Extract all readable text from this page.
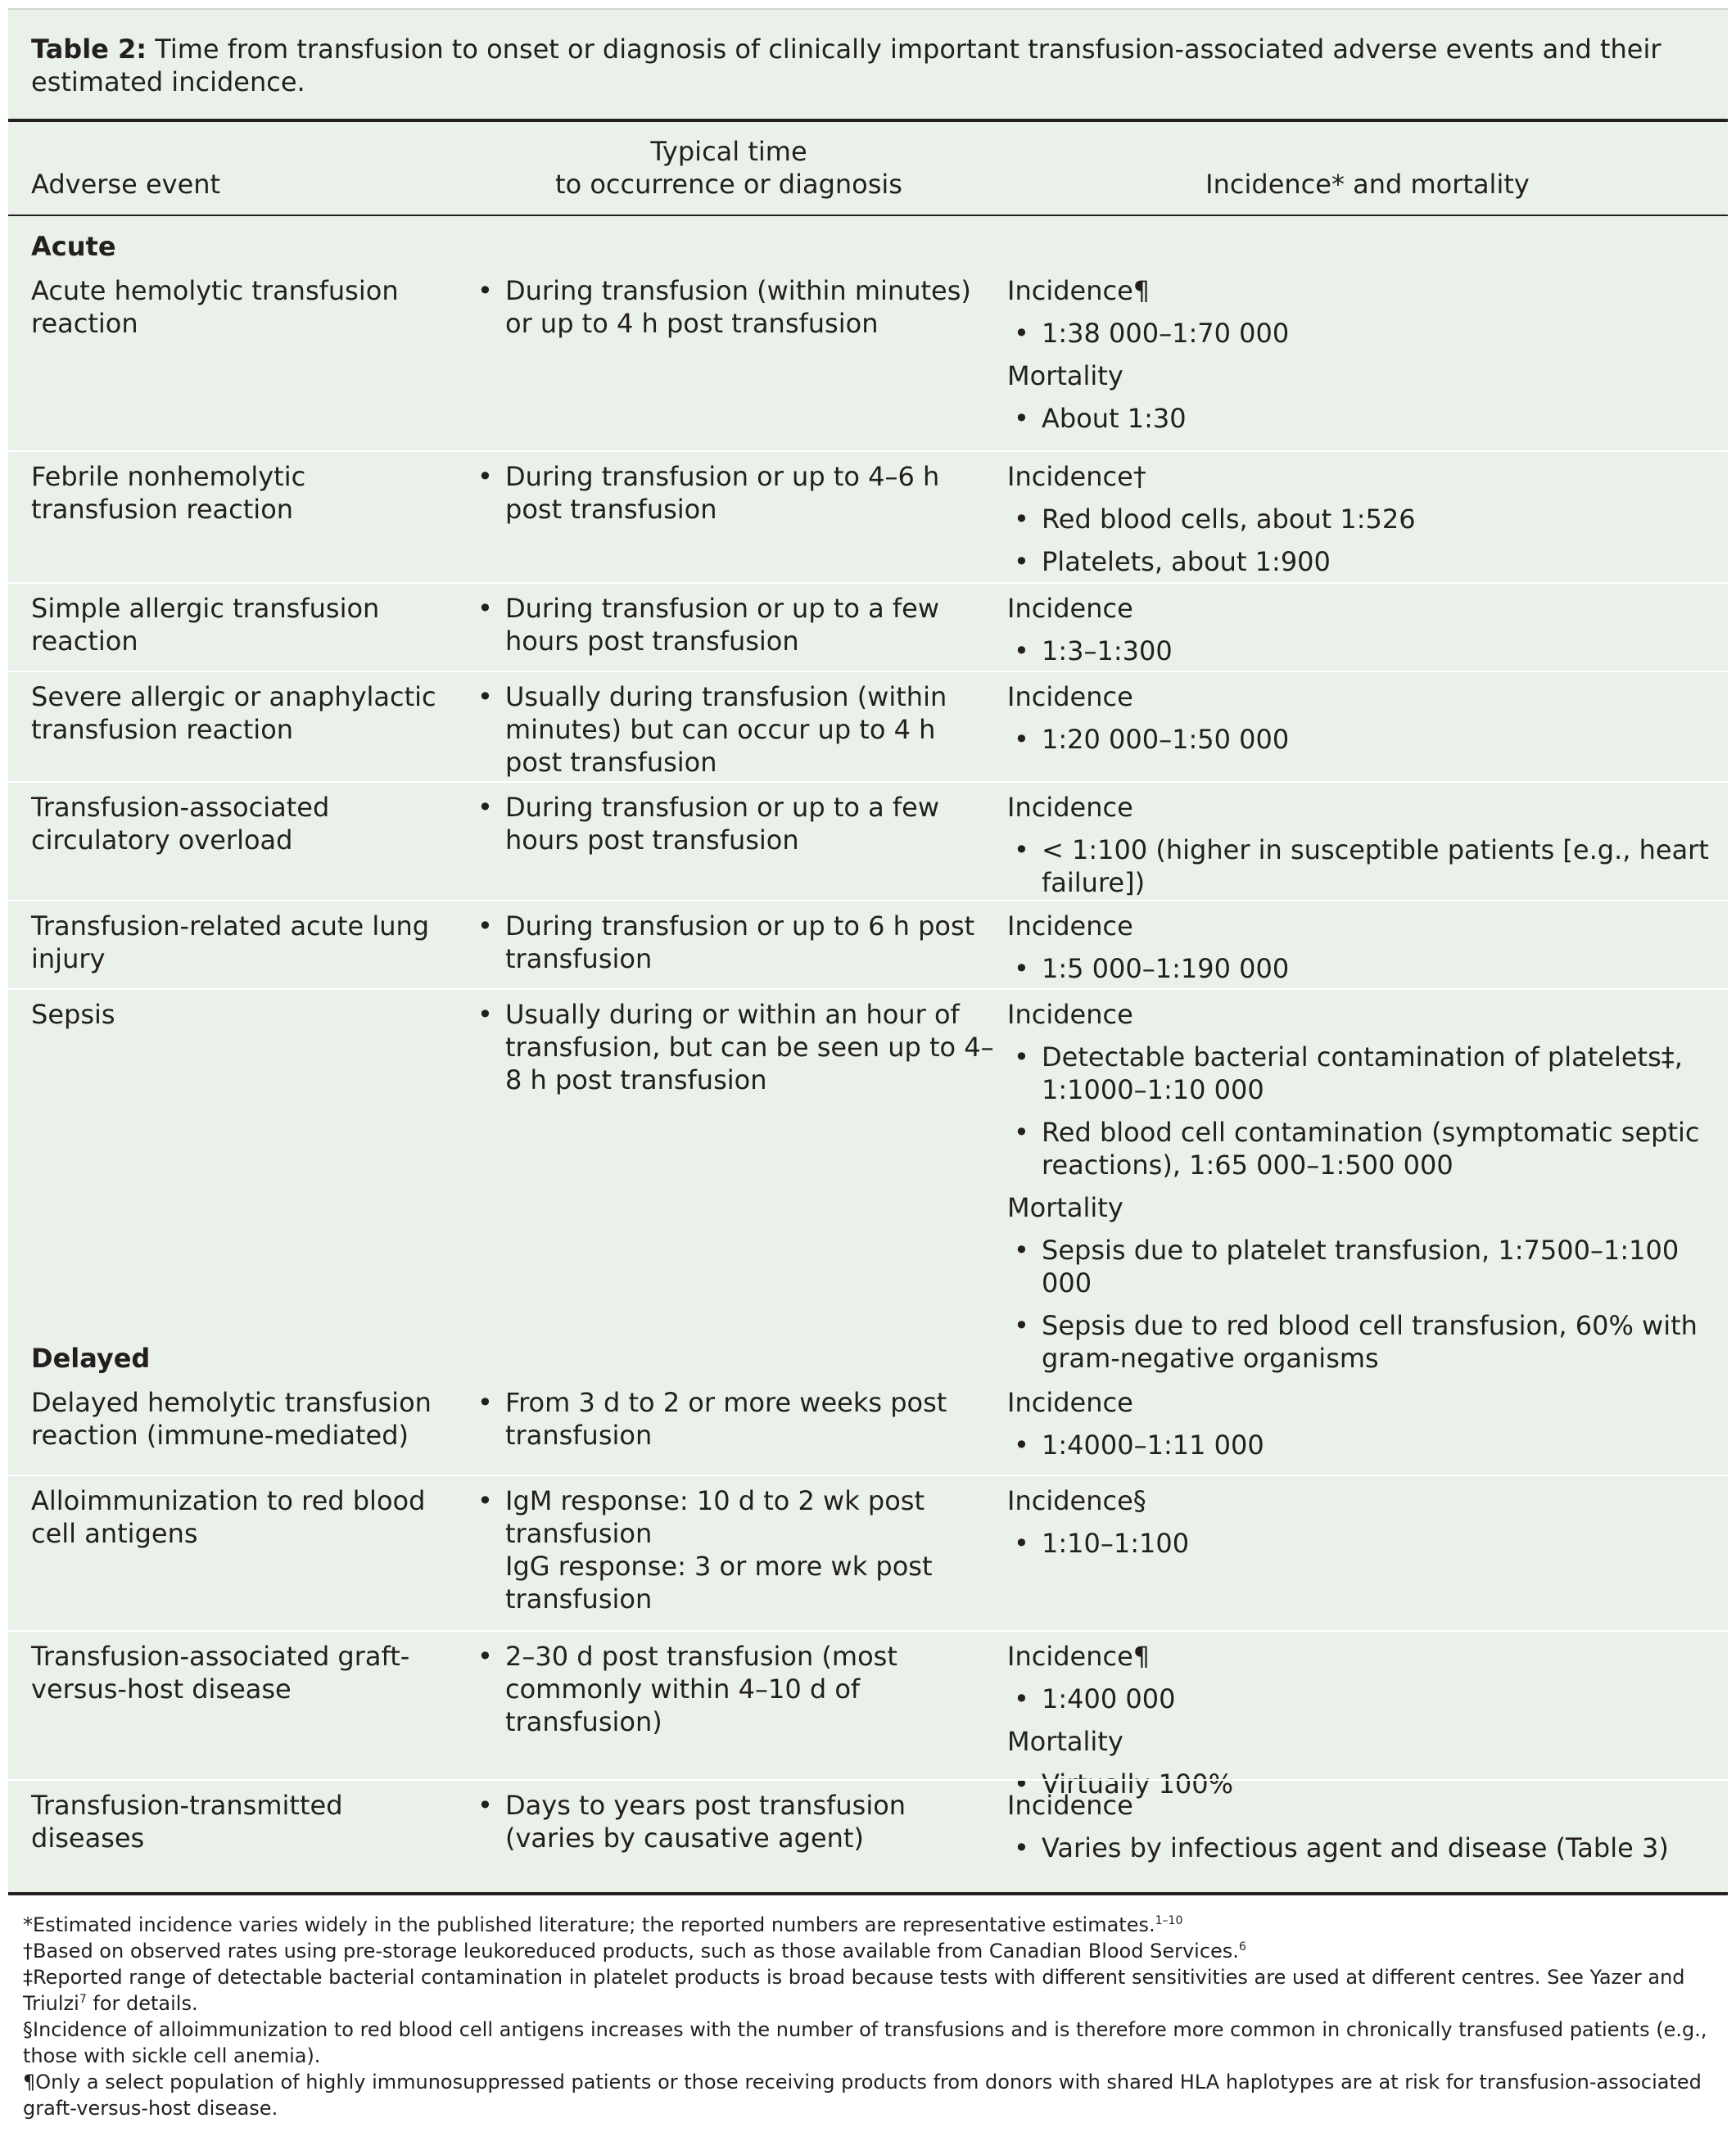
Table 2: Time from transfusion to onset or diagnosis of clinically important transfusion-associated adverse events and their estimated incidence.
Adverse event
Typical time
to occurrence or diagnosis	Incidence* and mortality
Acute
Acute hemolytic transfusion reaction
• During transfusion (within minutes) or up to 4 h post transfusion
Incidence¶
• 1:38 000–1:70 000
Mortality
• About 1:30
Febrile nonhemolytic transfusion reaction
• During transfusion or up to 4–6 h post transfusion
Incidence†
• Red blood cells, about 1:526
• Platelets, about 1:900
Simple allergic transfusion reaction
• During transfusion or up to a few hours post transfusion
Incidence
• 1:3–1:300
Severe allergic or anaphylactic transfusion reaction
• Usually during transfusion (within minutes) but can occur up to 4 h post transfusion
Incidence
• 1:20 000–1:50 000
Transfusion-associated circulatory overload
• During transfusion or up to a few hours post transfusion
Incidence
• < 1:100 (higher in susceptible patients [e.g., heart failure])
Transfusion-related acute lung injury
• During transfusion or up to 6 h post transfusion
Incidence
• 1:5 000–1:190 000
Sepsis
•	Usually during or within an hour of transfusion, but can be seen up to 4–8 h post transfusion
Incidence
• Detectable bacterial contamination of platelets‡, 1:1000–1:10 000
• Red blood cell contamination (symptomatic septic reactions), 1:65 000–1:500 000
Mortality
• Sepsis due to platelet transfusion, 1:7500–1:100 000
• Sepsis due to red blood cell transfusion, 60% with gram-negative organisms
Delayed hemolytic transfusion reaction (immune-mediated)
• From 3 d to 2 or more weeks post transfusion
Incidence
• 1:4000–1:11 000
Alloimmunization to red blood cell antigens
• IgM response: 10 d to 2 wk post transfusion
IgG response: 3 or more wk post transfusion
Incidence§
• 1:10–1:100
Transfusion-associated graft-versus-host disease
• 2–30 d post transfusion (most commonly within 4–10 d of transfusion)
Incidence¶
• 1:400 000
Mortality
• Virtually 100%
Transfusion-transmitted diseases
• Days to years post transfusion (varies by causative agent)
Incidence
• Varies by infectious agent and disease (Table 3)
Delayed
*Estimated incidence varies widely in the published literature; the reported numbers are representative estimates.$^{1-10}$
†Based on observed rates using pre-storage leukoreduced products, such as those available from Canadian Blood Services.$^6$
‡Reported range of detectable bacterial contamination in platelet products is broad because tests with different sensitivities are used at different centres. See Yazer and Triulzi$^7$ for details.
§Incidence of alloimmunization to red blood cell antigens increases with the number of transfusions and is therefore more common in chronically transfused patients (e.g., those with sickle cell anemia).
¶Only a select population of highly immunosuppressed patients or those receiving products from donors with shared HLA haplotypes are at risk for transfusion-associated graft-versus-host disease.
